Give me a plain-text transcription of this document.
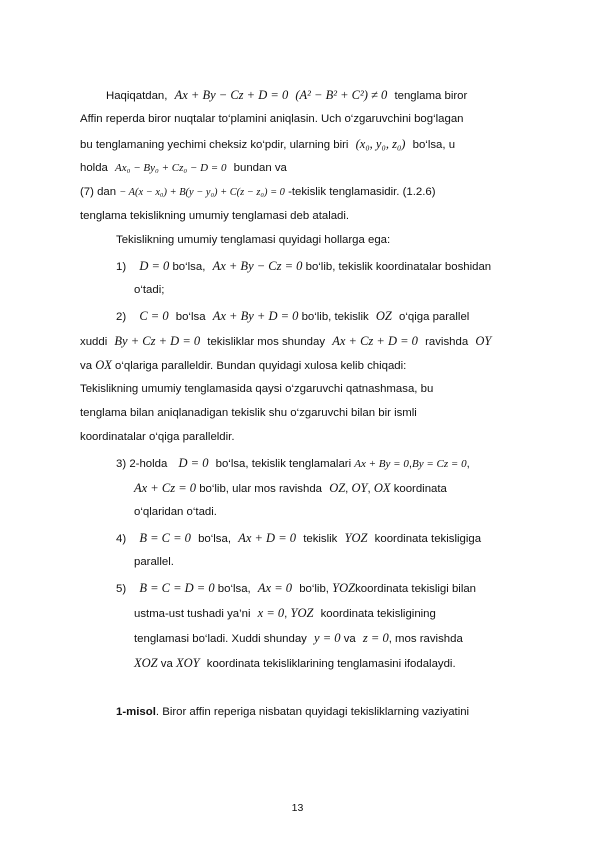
Haqiqatdan, Ax + By − Cz + D = 0 (A² − B² + C²) ≠ 0 tenglama biror
Affin reperda biror nuqtalar to‘plamini aniqlasin. Uch o‘zgaruvchini bog‘lagan
bu tenglamaning yechimi cheksiz ko‘pdir, ularning biri (x₀, y₀, z₀) bo‘lsa, u
holda Ax₀ − By₀ + Cz₀ − D = 0 bundan va
(7) dan − A(x − x₀) + B(y − y₀) + C(z − z₀) = 0 -tekislik tenglamasidir. (1.2.6)
tenglama tekislikning umumiy tenglamasi deb ataladi.
Tekislikning umumiy tenglamasi quyidagi hollarga ega:
1) D = 0 bo‘lsa, Ax + By − Cz = 0 bo‘lib, tekislik koordinatalar boshidan
o‘tadi;
2) C = 0 bo‘lsa Ax + By + D = 0 bo‘lib, tekislik OZ o‘qiga parallel
xuddi By + Cz + D = 0 tekisliklar mos shunday Ax + Cz + D = 0 ravishda OY
va OX o‘qlariga paralleldir. Bundan quyidagi xulosa kelib chiqadi:
Tekislikning umumiy tenglamasida qaysi o‘zgaruvchi qatnashmasa, bu
tenglama bilan aniqlanadigan tekislik shu o‘zgaruvchi bilan bir ismli
koordinatalar o‘qiga paralleldir.
3) 2-holda D = 0 bo‘lsa, tekislik tenglamalari Ax + By = 0,By = Cz = 0,
Ax + Cz = 0 bo‘lib, ular mos ravishda OZ, OY, OX koordinata
o‘qlaridan o‘tadi.
4) B = C = 0 bo‘lsa, Ax + D = 0 tekislik YOZ koordinata tekisligiga
parallel.
5) B = C = D = 0 bo‘lsa, Ax = 0 bo‘lib, YOZkoordinata tekisligi bilan
ustma-ust tushadi ya’ni x = 0, YOZ koordinata tekisligining
tenglamasi bo‘ladi. Xuddi shunday y = 0 va z = 0, mos ravishda
XOZ va XOY koordinata tekisliklarining tenglamasini ifodalaydi.
1-misol. Biror affin reperiga nisbatan quyidagi tekisliklarning vaziyatini
13
